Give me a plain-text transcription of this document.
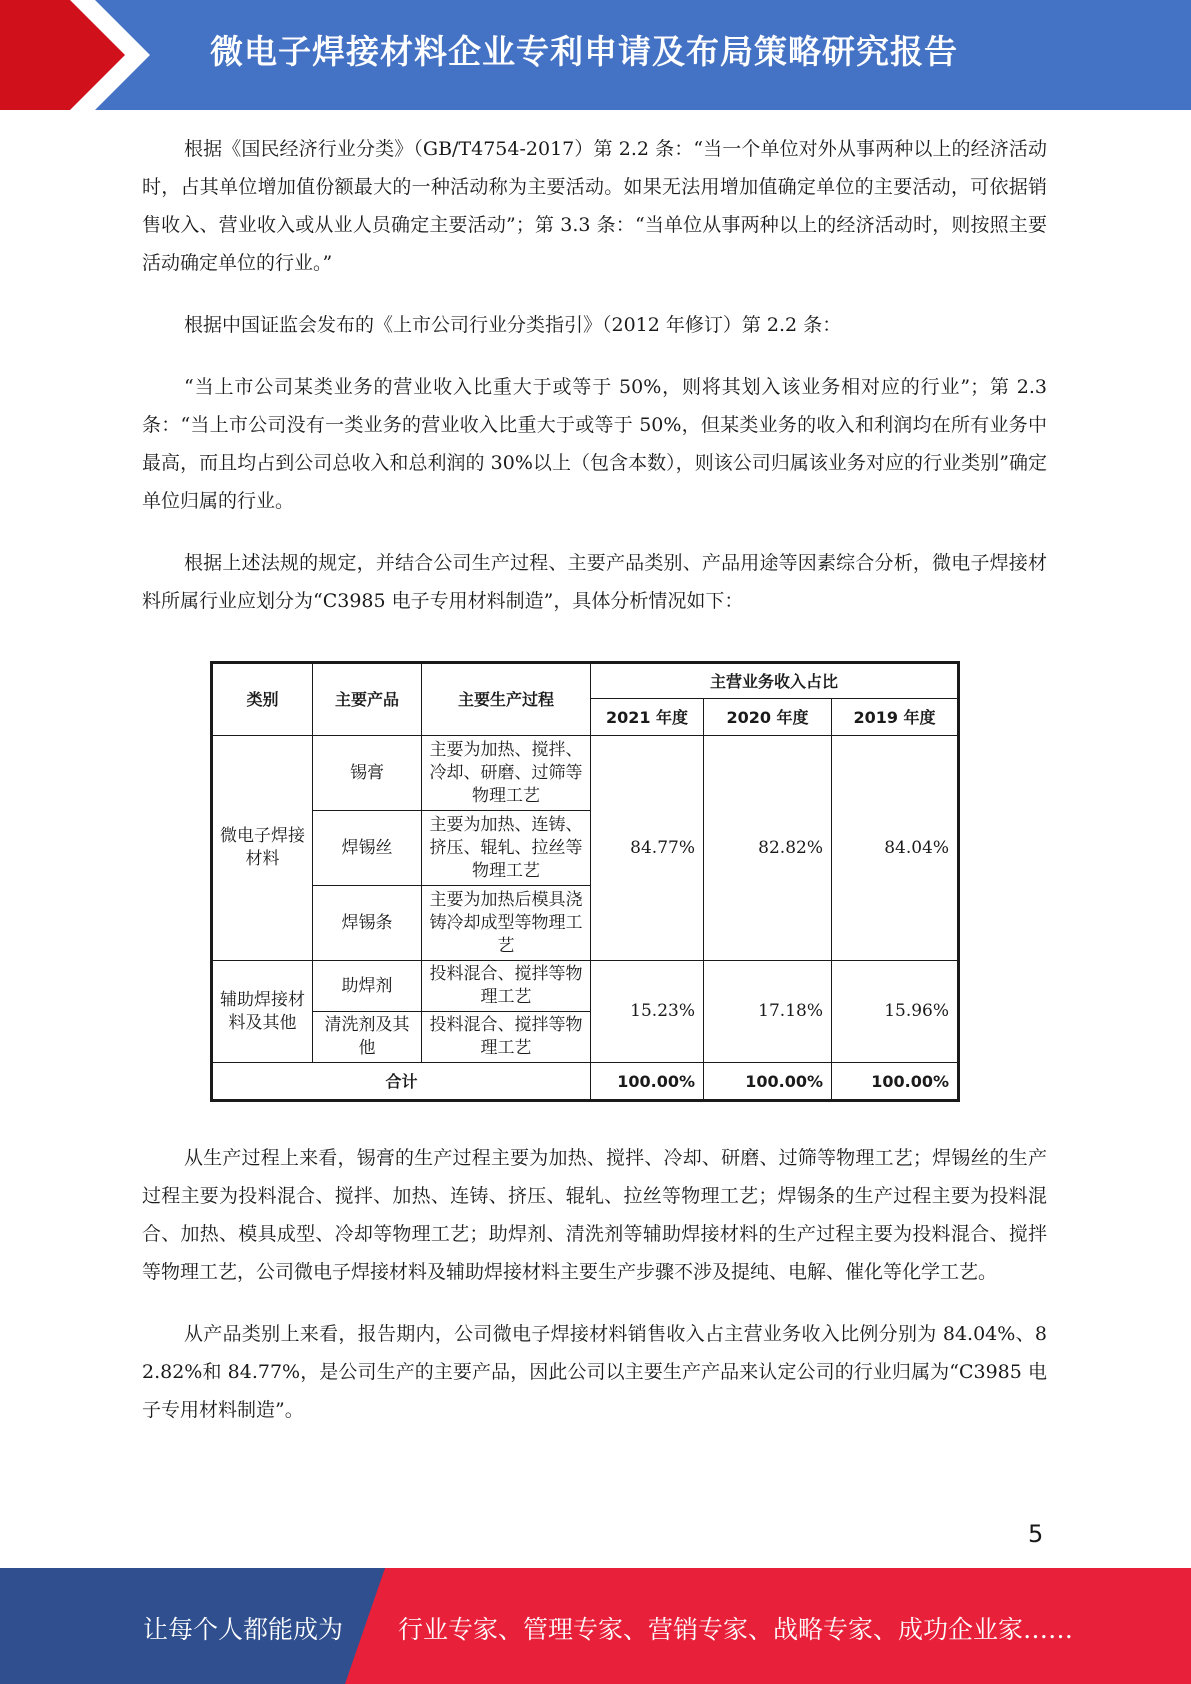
微电子焊接材料企业专利申请及布局策略研究报告

根据《国民经济行业分类》（GB/T4754-2017）第 2.2 条：“当一个单位对外从事两种以上的经济活动时，占其单位增加值份额最大的一种活动称为主要活动。如果无法用增加值确定单位的主要活动，可依据销售收入、营业收入或从业人员确定主要活动”；第 3.3 条：“当单位从事两种以上的经济活动时，则按照主要活动确定单位的行业。”

根据中国证监会发布的《上市公司行业分类指引》（2012 年修订）第 2.2 条：

“当上市公司某类业务的营业收入比重大于或等于 50%，则将其划入该业务相对应的行业”；第 2.3 条：“当上市公司没有一类业务的营业收入比重大于或等于 50%，但某类业务的收入和利润均在所有业务中最高，而且均占到公司总收入和总利润的 30%以上（包含本数），则该公司归属该业务对应的行业类别”确定单位归属的行业。

根据上述法规的规定，并结合公司生产过程、主要产品类别、产品用途等因素综合分析，微电子焊接材料所属行业应划分为“C3985 电子专用材料制造”，具体分析情况如下：

类别	主要产品	主要生产过程	主营业务收入占比		
			2021 年度	2020 年度	2019 年度
微电子焊接材料	锡膏	主要为加热、搅拌、冷却、研磨、过筛等物理工艺	84.77%	82.82%	84.04%
	焊锡丝	主要为加热、连铸、挤压、辊轧、拉丝等物理工艺			
	焊锡条	主要为加热后模具浇铸冷却成型等物理工艺			
辅助焊接材料及其他	助焊剂	投料混合、搅拌等物理工艺	15.23%	17.18%	15.96%
	清洗剂及其他	投料混合、搅拌等物理工艺			
合计			100.00%	100.00%	100.00%

从生产过程上来看，锡膏的生产过程主要为加热、搅拌、冷却、研磨、过筛等物理工艺；焊锡丝的生产过程主要为投料混合、搅拌、加热、连铸、挤压、辊轧、拉丝等物理工艺；焊锡条的生产过程主要为投料混合、加热、模具成型、冷却等物理工艺；助焊剂、清洗剂等辅助焊接材料的生产过程主要为投料混合、搅拌等物理工艺，公司微电子焊接材料及辅助焊接材料主要生产步骤不涉及提纯、电解、催化等化学工艺。

从产品类别上来看，报告期内，公司微电子焊接材料销售收入占主营业务收入比例分别为 84.04%、82.82%和 84.77%，是公司生产的主要产品，因此公司以主要生产产品来认定公司的行业归属为“C3985 电子专用材料制造”。

5
让每个人都能成为 行业专家、管理专家、营销专家、战略专家、成功企业家……
